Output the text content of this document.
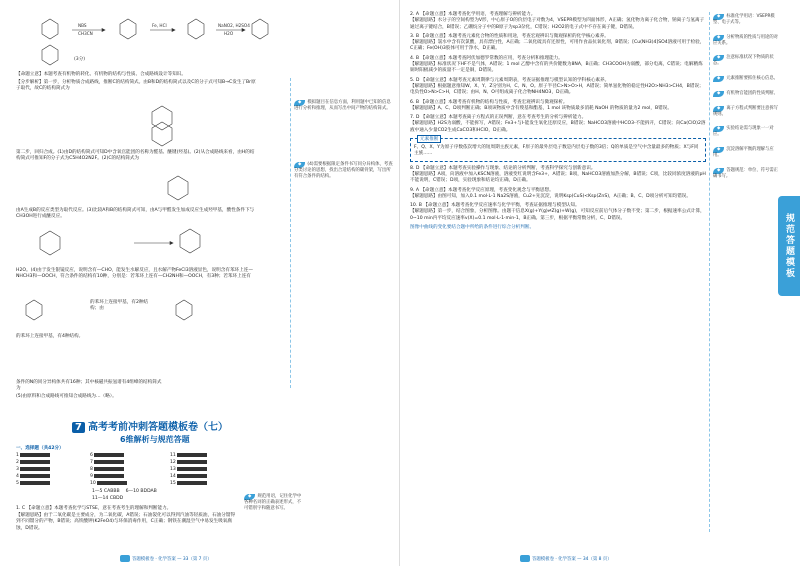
NBS
CH3CN
Fe, HCl	NaNO2, H2SO4
H2O
(3分)
【命题立意】本题考查有机物的转化、有机物的结构与性质、合成路线设计等知识。
【分步解析】第一步，分析物质合成路线，推断C的结构简式。由B和D的结构简式以及C的分子式可知B→C发生了Br原子取代，故C的结构简式为
第二步，回归合成。(1)由D的结构简式可知D中含氧官能团的名称为醛基、醚键(羟基)。(2)从合成路线来看，由H的结构简式可推知F的分子式为C5H4O2N2F。(2)C的结构简式为
由A生成B的反应类型为取代反应。(3)比较A和B的结构简式可知，由A与甲醛发生加成反应生成羟甲基，酸性条件下与CH3OH进行成醚反应。
H2O。(4)由于发生银镜反应，说明含有—CHO，能发生水解反应，且水解产物FeCl3溶液显色，说明含有苯环上连—NHCH3和—OOCH，符合条件的结构有10种，分别是：若苯环上连有—CH2NH和—OOCH，有3种；若苯环上连有
的苯环上连接甲基，有2种结构；由
的苯环上连接甲基，有4种结构。
条件的N的同分异构体共有16种；其中核磁共振氢谱有4组峰的结构简式为
(5)由原料和合成路线可推知合成路线为…（略）。
◆ 模拟题目在信息方面，利用题中已知的信息进行分析和推理，从而写出中间产物的结构简式。
◆ (4)需要根据限定条件书写同分异构体，考查分类讨论的思想，找出合适结构的碳骨架，写出所有符合条件的结构。
7 高考考前冲刺答题模板卷（七）
6维解析与规范答题
一、选择题（共42分）
1
2
3
4
5
6
7
8
9
10
11
12
13
14
15
1—5 CABBB 6—10 BDDAB
11—14 CBDD
1. C 【命题立意】本题考查化学与STSE，意在考查考生的理解和判断能力。
【解题思路】由于二氧化碳是主要成分，为二氧化碳，A错误；石油裂化可以得到汽油等轻质油，石油分馏得到不同馏分的产物，B错误；高铁酸钾(K2FeO4)与环保消毒作用，C正确；钢铁在潮湿空气中易发生吸氧腐蚀，D错误。
◆ 规范用语，记住化学中各种名词的正确表述形式，不可错别字和随意书写。
答题模板卷 · 化学答案 — 33（第 7 页）
2. A 【命题立意】本题考查化学用语，考查理解与辨析能力。
【解题思路】水分子的空间构型为V形，中心原子O的价层电子对数为4，VSEPR模型为四面体形，A正确；氢化物为离子化合物，钠离子与氢离子通过离子键结合，B错误；乙硼烷分子中的B原子为sp3杂化，C错误；H2O2的电子式中不存在离子键，D错误。
3. B 【命题立意】本题考查元素化合物的性质和用途，考查宏观辨识与微观探析的化学核心素养。
【解题思路】氯水中含有次氯酸，具有漂白性，A正确；二氧化硫具有还原性，可用作食品抗氧化剂，B错误；[Cu(NH3)4]SO4溶液可用于检验，C正确；Fe(OH)3胶体可用于净水，D正确。
4. B 【命题立意】本题考查阿伏加德罗常数的应用，考查分析和推理能力。
【解题思路】标准状况下HF不是气体，A错误；1 mol 乙醇中含有的共价键数为8NA，B正确；CH3COOH为弱酸，部分电离，C错误；电解精炼铜时阳极减少的质量不一定是铜，D错误。
5. D 【命题立意】本题考查元素周期律与元素周期表，考查证据推理与模型认知的学科核心素养。
【解题思路】根据题意推知W、X、Y、Z分别为H、C、N、O。原子半径C>N>O>H，A错误；简单氢化物的稳定性H2O>NH3>CH4，B错误；电负性O>N>C>H，C错误；由H、N、O可组成离子化合物NH4NO3，D正确。
6. B 【命题立意】本题考查有机物的结构与性质，考查宏观辨识与微观探析。
【解题思路】A、C、D项判断正确；B项该物质中含有羧基和酯基，1 mol 该物质最多消耗 NaOH 的物质的量为2 mol，B错误。
7. D 【命题立意】本题考查离子方程式的正误判断，意在考查考生的分析与辨析能力。
【解题思路】H2S为弱酸，不能拆写，A错误；Fe3+与I-能发生氧化还原反应，B错误；NaHCO3溶液中HCO3-不能拆开，C错误；向Ca(ClO)2溶液中通入少量CO2生成CaCO3和HClO，D正确。
元素推断
F、Q、X、Y为原子序数依次增大的短周期主族元素，F原子的最外层电子数是内层电子数的3倍；Q的单质是空气中含量最多的物质；X与F同主族……
8. D 【命题立意】本题考查实验操作与现象、结论的分析判断，考查科学探究与创新意识。
【解题思路】A项，向溶液中加入KSCN溶液，溶液变红说明含Fe3+，A错误；B项，NaHCO3溶液加热分解，B错误；C项，比较同浓度溶液的pH不能说明，C错误；D项，实验现象和结论均正确，D正确。
9. A 【命题立意】本题考查化学反应原理，考查变化观念与平衡思想。
【解题思路】由图可知，加入0.1 mol·L-1 Na2S溶液，Cu2+先沉淀，说明Ksp(CuS)<Ksp(ZnS)，A正确；B、C、D项分析可知均错误。
10. B 【命题立意】本题考查化学反应速率与化学平衡，考查证据推理与模型认知。
【解题思路】第一步，结合图象，分析图像。由题干信息X(g)+Y(g)⇌Z(g)+W(g)，可知反应前后气体分子数不变；第二步，根据速率公式计算，0~10 min内平均反应速率v(X)=0.1 mol·L-1·min-1，B正确。第三步，根据平衡常数分析，C、D错误。
图像中曲线的变化要结合题中所给的条件进行综合分析判断。
◆ 标准化学用语：VSEPR模型、电子式等。
◆ 分析物质的性质与用途的对应关系。
◆ 注意标准状况下物质的状态。
◆ 元素推断要抓住核心信息。
◆ 有机物官能团的性质判断。
◆ 离子方程式判断要注意拆写规则。
◆ 实验结论需与现象一一对应。
◆ 沉淀溶解平衡的理解与应用。
◆ 答题规范：单位、符号需正确书写。
规范答题模板
答题模板卷 · 化学答案 — 34（第 8 页）
